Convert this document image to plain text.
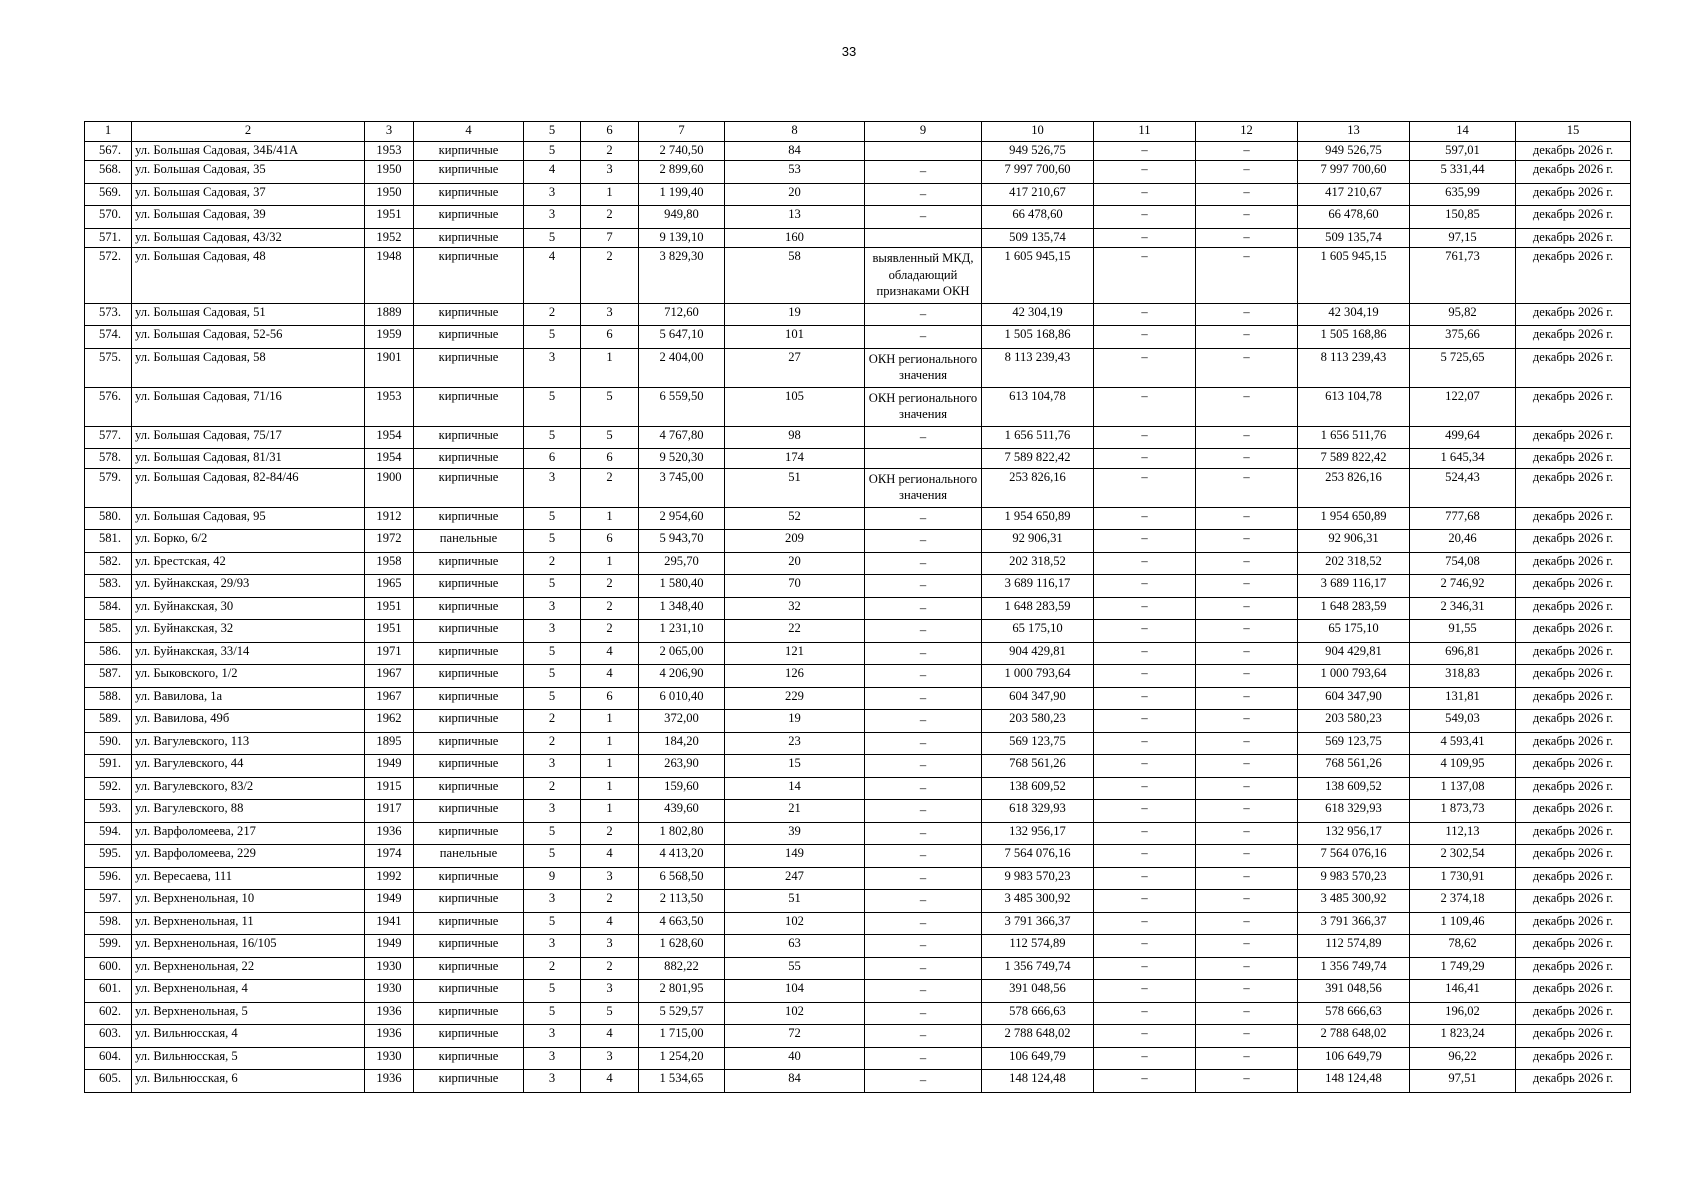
33
1	2	3	4	5	6	7	8	9	10	11	12	13	14	15
567.	ул. Большая Садовая, 34Б/41А	1953	кирпичные	5	2	2 740,50	84		949 526,75	–	–	949 526,75	597,01	декабрь 2026 г.
568.	ул. Большая Садовая, 35	1950	кирпичные	4	3	2 899,60	53	–	7 997 700,60	–	–	7 997 700,60	5 331,44	декабрь 2026 г.
569.	ул. Большая Садовая, 37	1950	кирпичные	3	1	1 199,40	20	–	417 210,67	–	–	417 210,67	635,99	декабрь 2026 г.
570.	ул. Большая Садовая, 39	1951	кирпичные	3	2	949,80	13	–	66 478,60	–	–	66 478,60	150,85	декабрь 2026 г.
571.	ул. Большая Садовая, 43/32	1952	кирпичные	5	7	9 139,10	160		509 135,74	–	–	509 135,74	97,15	декабрь 2026 г.
572.	ул. Большая Садовая, 48	1948	кирпичные	4	2	3 829,30	58	выявленный МКД, обладающий признаками ОКН	1 605 945,15	–	–	1 605 945,15	761,73	декабрь 2026 г.
573.	ул. Большая Садовая, 51	1889	кирпичные	2	3	712,60	19	–	42 304,19	–	–	42 304,19	95,82	декабрь 2026 г.
574.	ул. Большая Садовая, 52-56	1959	кирпичные	5	6	5 647,10	101	–	1 505 168,86	–	–	1 505 168,86	375,66	декабрь 2026 г.
575.	ул. Большая Садовая, 58	1901	кирпичные	3	1	2 404,00	27	ОКН регионального значения	8 113 239,43	–	–	8 113 239,43	5 725,65	декабрь 2026 г.
576.	ул. Большая Садовая, 71/16	1953	кирпичные	5	5	6 559,50	105	ОКН регионального значения	613 104,78	–	–	613 104,78	122,07	декабрь 2026 г.
577.	ул. Большая Садовая, 75/17	1954	кирпичные	5	5	4 767,80	98	–	1 656 511,76	–	–	1 656 511,76	499,64	декабрь 2026 г.
578.	ул. Большая Садовая, 81/31	1954	кирпичные	6	6	9 520,30	174		7 589 822,42	–	–	7 589 822,42	1 645,34	декабрь 2026 г.
579.	ул. Большая Садовая, 82-84/46	1900	кирпичные	3	2	3 745,00	51	ОКН регионального значения	253 826,16	–	–	253 826,16	524,43	декабрь 2026 г.
580.	ул. Большая Садовая, 95	1912	кирпичные	5	1	2 954,60	52	–	1 954 650,89	–	–	1 954 650,89	777,68	декабрь 2026 г.
581.	ул. Борко, 6/2	1972	панельные	5	6	5 943,70	209	–	92 906,31	–	–	92 906,31	20,46	декабрь 2026 г.
582.	ул. Брестская, 42	1958	кирпичные	2	1	295,70	20	–	202 318,52	–	–	202 318,52	754,08	декабрь 2026 г.
583.	ул. Буйнакская, 29/93	1965	кирпичные	5	2	1 580,40	70	–	3 689 116,17	–	–	3 689 116,17	2 746,92	декабрь 2026 г.
584.	ул. Буйнакская, 30	1951	кирпичные	3	2	1 348,40	32	–	1 648 283,59	–	–	1 648 283,59	2 346,31	декабрь 2026 г.
585.	ул. Буйнакская, 32	1951	кирпичные	3	2	1 231,10	22	–	65 175,10	–	–	65 175,10	91,55	декабрь 2026 г.
586.	ул. Буйнакская, 33/14	1971	кирпичные	5	4	2 065,00	121	–	904 429,81	–	–	904 429,81	696,81	декабрь 2026 г.
587.	ул. Быковского, 1/2	1967	кирпичные	5	4	4 206,90	126	–	1 000 793,64	–	–	1 000 793,64	318,83	декабрь 2026 г.
588.	ул. Вавилова, 1а	1967	кирпичные	5	6	6 010,40	229	–	604 347,90	–	–	604 347,90	131,81	декабрь 2026 г.
589.	ул. Вавилова, 49б	1962	кирпичные	2	1	372,00	19	–	203 580,23	–	–	203 580,23	549,03	декабрь 2026 г.
590.	ул. Вагулевского, 113	1895	кирпичные	2	1	184,20	23	–	569 123,75	–	–	569 123,75	4 593,41	декабрь 2026 г.
591.	ул. Вагулевского, 44	1949	кирпичные	3	1	263,90	15	–	768 561,26	–	–	768 561,26	4 109,95	декабрь 2026 г.
592.	ул. Вагулевского, 83/2	1915	кирпичные	2	1	159,60	14	–	138 609,52	–	–	138 609,52	1 137,08	декабрь 2026 г.
593.	ул. Вагулевского, 88	1917	кирпичные	3	1	439,60	21	–	618 329,93	–	–	618 329,93	1 873,73	декабрь 2026 г.
594.	ул. Варфоломеева, 217	1936	кирпичные	5	2	1 802,80	39	–	132 956,17	–	–	132 956,17	112,13	декабрь 2026 г.
595.	ул. Варфоломеева, 229	1974	панельные	5	4	4 413,20	149	–	7 564 076,16	–	–	7 564 076,16	2 302,54	декабрь 2026 г.
596.	ул. Вересаева, 111	1992	кирпичные	9	3	6 568,50	247	–	9 983 570,23	–	–	9 983 570,23	1 730,91	декабрь 2026 г.
597.	ул. Верхненольная, 10	1949	кирпичные	3	2	2 113,50	51	–	3 485 300,92	–	–	3 485 300,92	2 374,18	декабрь 2026 г.
598.	ул. Верхненольная, 11	1941	кирпичные	5	4	4 663,50	102	–	3 791 366,37	–	–	3 791 366,37	1 109,46	декабрь 2026 г.
599.	ул. Верхненольная, 16/105	1949	кирпичные	3	3	1 628,60	63	–	112 574,89	–	–	112 574,89	78,62	декабрь 2026 г.
600.	ул. Верхненольная, 22	1930	кирпичные	2	2	882,22	55	–	1 356 749,74	–	–	1 356 749,74	1 749,29	декабрь 2026 г.
601.	ул. Верхненольная, 4	1930	кирпичные	5	3	2 801,95	104	–	391 048,56	–	–	391 048,56	146,41	декабрь 2026 г.
602.	ул. Верхненольная, 5	1936	кирпичные	5	5	5 529,57	102	–	578 666,63	–	–	578 666,63	196,02	декабрь 2026 г.
603.	ул. Вильнюсская, 4	1936	кирпичные	3	4	1 715,00	72	–	2 788 648,02	–	–	2 788 648,02	1 823,24	декабрь 2026 г.
604.	ул. Вильнюсская, 5	1930	кирпичные	3	3	1 254,20	40	–	106 649,79	–	–	106 649,79	96,22	декабрь 2026 г.
605.	ул. Вильнюсская, 6	1936	кирпичные	3	4	1 534,65	84	–	148 124,48	–	–	148 124,48	97,51	декабрь 2026 г.
